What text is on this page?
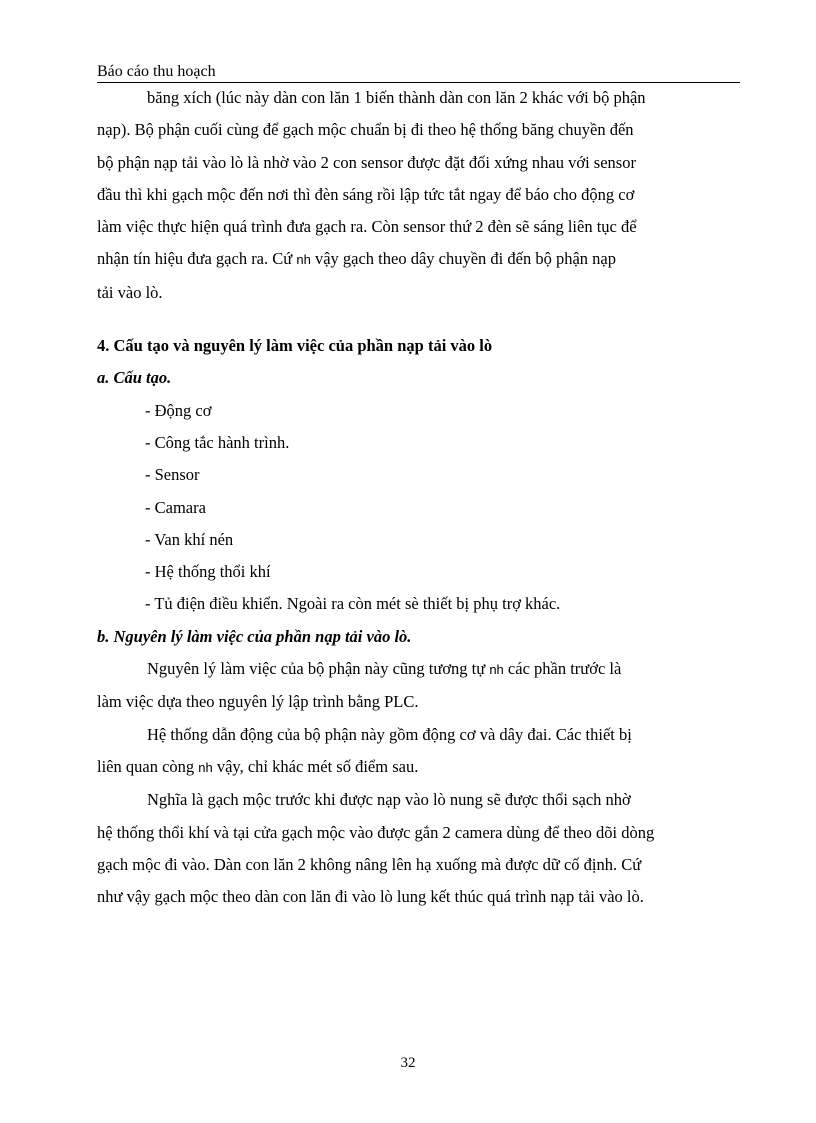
Báo cáo thu hoạch

băng xích (lúc này dàn con lăn 1 biến thành dàn con lăn 2 khác với bộ phận
nạp). Bộ phận cuối cùng để gạch mộc chuẩn bị đi theo hệ thống băng chuyền đến
bộ phận nạp tải vào lò là nhờ vào 2 con sensor được đặt đối xứng nhau với sensor
đầu thì khi gạch mộc đến nơi thì đèn sáng rồi lập tức tắt ngay để báo cho động cơ
làm việc thực hiện quá trình đưa gạch ra. Còn sensor thứ 2 đèn sẽ sáng liên tục để
nhận tín hiệu đưa gạch ra. Cứ nh vậy gạch theo dây chuyền đi đến bộ phận nạp
tải vào lò.

4. Cấu tạo và nguyên lý làm việc của phần nạp tải vào lò

a. Cấu tạo.

- Động cơ
- Công tắc hành trình.
- Sensor
- Camara
- Van khí nén
- Hệ thống thổi khí
- Tủ điện điều khiển. Ngoài ra còn mét sè thiết bị phụ trợ khác.

b. Nguyên lý làm việc của phần nạp tải vào lò.

Nguyên lý làm việc của bộ phận này cũng tương tự nh các phần trước là
làm việc dựa theo nguyên lý lập trình bằng PLC.

Hệ thống dẫn động của bộ phận này gồm động cơ và dây đai. Các thiết bị
liên quan còng nh vậy, chỉ khác mét số điểm sau.

Nghĩa là gạch mộc trước khi được nạp vào lò nung sẽ được thổi sạch nhờ
hệ thống thổi khí và tại cửa gạch mộc vào được gắn 2 camera dùng để theo dõi dòng
gạch mộc đi vào. Dàn con lăn 2 không nâng lên hạ xuống mà được dữ cố định. Cứ
như vậy gạch mộc theo dàn con lăn đi vào lò lung kết thúc quá trình nạp tải vào lò.

32
